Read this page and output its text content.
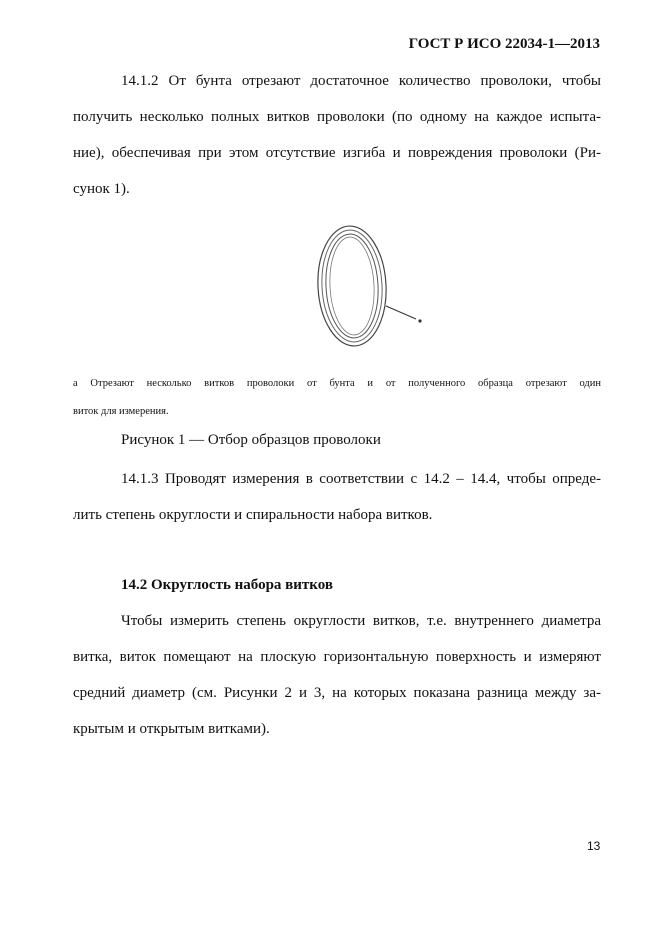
ГОСТ Р ИСО 22034-1—2013
14.1.2 От бунта отрезают достаточное количество проволоки, чтобы
получить несколько полных витков проволоки (по одному на каждое испыта-
ние), обеспечивая при этом отсутствие изгиба и повреждения проволоки (Ри-
сунок 1).
a Отрезают несколько витков проволоки от бунта и от полученного образца отрезают один
виток для измерения.
Рисунок 1 — Отбор образцов проволоки
14.1.3 Проводят измерения в соответствии с 14.2 – 14.4, чтобы опреде-
лить степень округлости и спиральности набора витков.
14.2 Округлость набора витков
Чтобы измерить степень округлости витков, т.е. внутреннего диаметра
витка, виток помещают на плоскую горизонтальную поверхность и измеряют
средний диаметр (см. Рисунки 2 и 3, на которых показана разница между за-
крытым и открытым витками).
13
